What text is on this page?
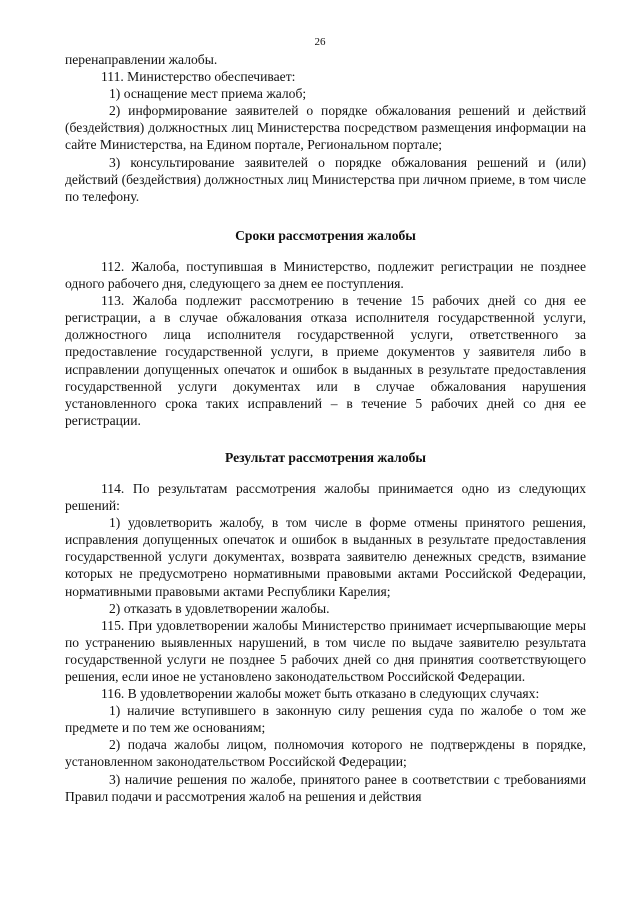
26

перенаправлении жалобы.

111. Министерство обеспечивает:

1) оснащение мест приема жалоб;

2) информирование заявителей о порядке обжалования решений и действий (бездействия) должностных лиц Министерства посредством размещения информации на сайте Министерства, на Едином портале, Региональном портале;

3) консультирование заявителей о порядке обжалования решений и (или) действий (бездействия) должностных лиц Министерства при личном приеме, в том числе по телефону.

Сроки рассмотрения жалобы

112. Жалоба, поступившая в Министерство, подлежит регистрации не позднее одного рабочего дня, следующего за днем ее поступления.

113. Жалоба подлежит рассмотрению в течение 15 рабочих дней со дня ее регистрации, а в случае обжалования отказа исполнителя государственной услуги, должностного лица исполнителя государственной услуги, ответственного за предоставление государственной услуги, в приеме документов у заявителя либо в исправлении допущенных опечаток и ошибок в выданных в результате предоставления государственной услуги документах или в случае обжалования нарушения установленного срока таких исправлений – в течение 5 рабочих дней со дня ее регистрации.

Результат рассмотрения жалобы

114. По результатам рассмотрения жалобы принимается одно из следующих решений:

1) удовлетворить жалобу, в том числе в форме отмены принятого решения, исправления допущенных опечаток и ошибок в выданных в результате предоставления государственной услуги документах, возврата заявителю денежных средств, взимание которых не предусмотрено нормативными правовыми актами Российской Федерации, нормативными правовыми актами Республики Карелия;

2) отказать в удовлетворении жалобы.

115. При удовлетворении жалобы Министерство принимает исчерпывающие меры по устранению выявленных нарушений, в том числе по выдаче заявителю результата государственной услуги не позднее 5 рабочих дней со дня принятия соответствующего решения, если иное не установлено законодательством Российской Федерации.

116. В удовлетворении жалобы может быть отказано в следующих случаях:

1) наличие вступившего в законную силу решения суда по жалобе о том же предмете и по тем же основаниям;

2) подача жалобы лицом, полномочия которого не подтверждены в порядке, установленном законодательством Российской Федерации;

3) наличие решения по жалобе, принятого ранее в соответствии с требованиями Правил подачи и рассмотрения жалоб на решения и действия
